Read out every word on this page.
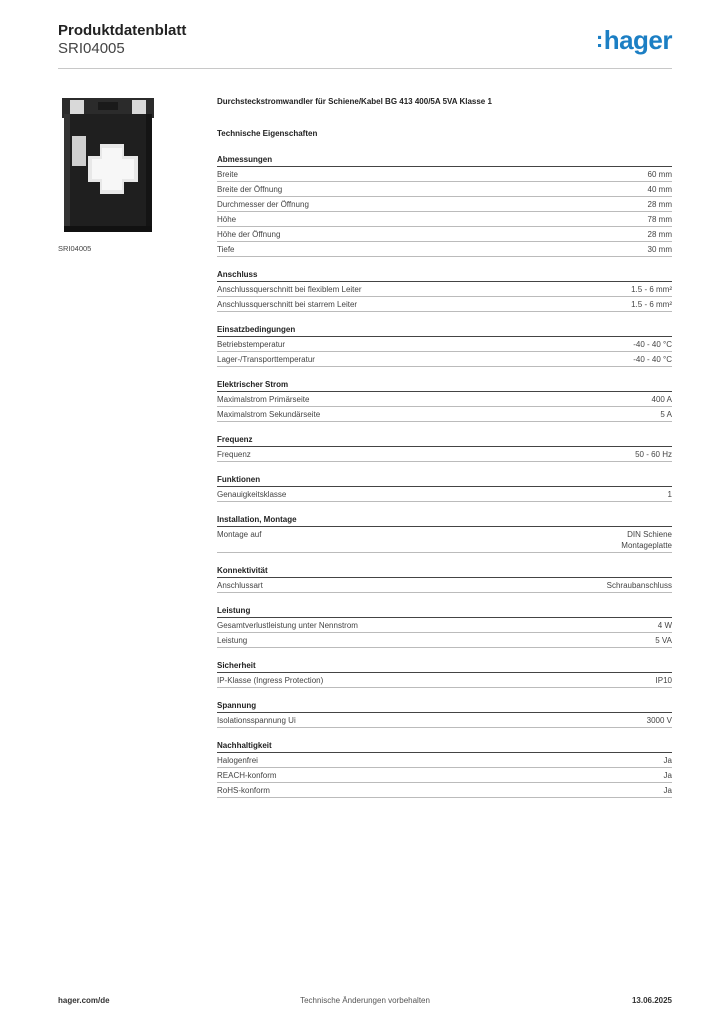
Produktdatenblatt
SRI04005	:hager
SRI04005
Durchsteckstromwandler für Schiene/Kabel BG 413 400/5A 5VA Klasse 1
Technische Eigenschaften
Abmessungen
Breite	60 mm
Breite der Öffnung	40 mm
Durchmesser der Öffnung	28 mm
Höhe	78 mm
Höhe der Öffnung	28 mm
Tiefe	30 mm
Anschluss
Anschlussquerschnitt bei flexiblem Leiter	1.5 - 6 mm²
Anschlussquerschnitt bei starrem Leiter	1.5 - 6 mm²
Einsatzbedingungen
Betriebstemperatur	-40 - 40 °C
Lager-/Transporttemperatur	-40 - 40 °C
Elektrischer Strom
Maximalstrom Primärseite	400 A
Maximalstrom Sekundärseite	5 A
Frequenz
Frequenz	50 - 60 Hz
Funktionen
Genauigkeitsklasse	1
Installation, Montage
Montage auf	DIN Schiene
Montageplatte
Konnektivität
Anschlussart	Schraubanschluss
Leistung
Gesamtverlustleistung unter Nennstrom	4 W
Leistung	5 VA
Sicherheit
IP-Klasse (Ingress Protection)	IP10
Spannung
Isolationsspannung Ui	3000 V
Nachhaltigkeit
Halogenfrei	Ja
REACH-konform	Ja
RoHS-konform	Ja
hager.com/de	Technische Änderungen vorbehalten	13.06.2025
